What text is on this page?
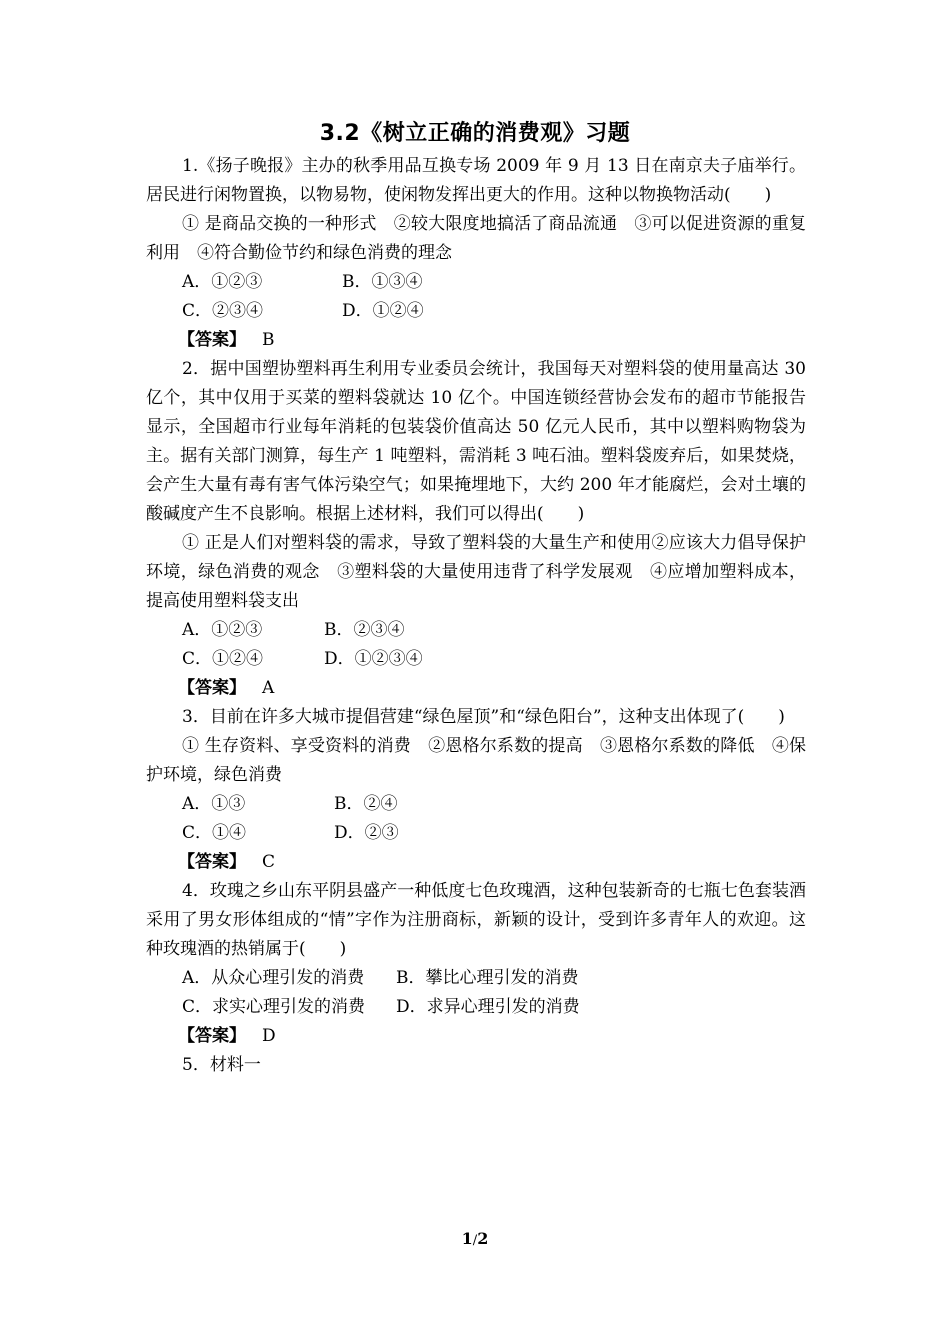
3.2《树立正确的消费观》习题

1.《扬子晚报》主办的秋季用品互换专场 2009 年 9 月 13 日在南京夫子庙举行。居民进行闲物置换，以物易物，使闲物发挥出更大的作用。这种以物换物活动(　　)

① 是商品交换的一种形式　②较大限度地搞活了商品流通　③可以促进资源的重复利用　④符合勤俭节约和绿色消费的理念

A．①②③	B．①③④

C．②③④	D．①②④

【答案】 B

2．据中国塑协塑料再生利用专业委员会统计，我国每天对塑料袋的使用量高达 30 亿个，其中仅用于买菜的塑料袋就达 10 亿个。中国连锁经营协会发布的超市节能报告显示，全国超市行业每年消耗的包装袋价值高达 50 亿元人民币，其中以塑料购物袋为主。据有关部门测算，每生产 1 吨塑料，需消耗 3 吨石油。塑料袋废弃后，如果焚烧，会产生大量有毒有害气体污染空气；如果掩埋地下，大约 200 年才能腐烂，会对土壤的酸碱度产生不良影响。根据上述材料，我们可以得出(　　)

① 正是人们对塑料袋的需求，导致了塑料袋的大量生产和使用②应该大力倡导保护环境，绿色消费的观念　③塑料袋的大量使用违背了科学发展观　④应增加塑料成本，提高使用塑料袋支出

A．①②③	B．②③④

C．①②④	D．①②③④

【答案】 A

3．目前在许多大城市提倡营建“绿色屋顶”和“绿色阳台”，这种支出体现了(　　)

① 生存资料、享受资料的消费　②恩格尔系数的提高　③恩格尔系数的降低　④保护环境，绿色消费

A．①③	B．②④

C．①④	D．②③

【答案】 C

4．玫瑰之乡山东平阴县盛产一种低度七色玫瑰酒，这种包装新奇的七瓶七色套装酒采用了男女形体组成的“情”字作为注册商标，新颖的设计，受到许多青年人的欢迎。这种玫瑰酒的热销属于(　　)

A．从众心理引发的消费 B．攀比心理引发的消费

C．求实心理引发的消费 D．求异心理引发的消费

【答案】 D

5．材料一

1/2
